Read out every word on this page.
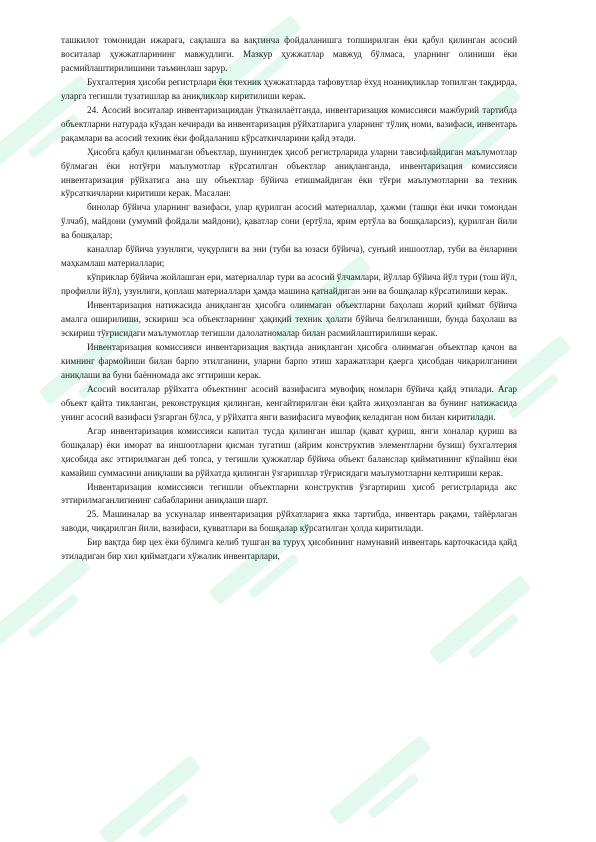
ташкилот томонидан ижарага, сақлашга ва вақтинча фойдаланишга топширилган ёки қабул қилинган асосий воситалар ҳужжатларининг мавжудлиги. Мазкур ҳужжатлар мавжуд бўлмаса, уларнинг олиниши ёки расмийлаштирилишини таъминлаш зарур.

Бухгалтерия ҳисоби регистрлари ёки техник ҳужжатларда тафовутлар ёхуд ноаниқликлар топилган тақдирда, уларга тегишли тузатишлар ва аниқликлар киритилиши керак.

24. Асосий воситалар инвентаризациядан ўтказилаётганда, инвентаризация комиссияси мажбурий тартибда объектларни натурада кўздан кечиради ва инвентаризация рўйхатларига уларнинг тўлиқ номи, вазифаси, инвентарь рақамлари ва асосий техник ёки фойдаланиш кўрсаткичларини қайд этади.

Ҳисобга қабул қилинмаган объектлар, шунингдек ҳисоб регистрларида уларни тавсифлайдиган маълумотлар бўлмаган ёки нотўғри маълумотлар кўрсатилган объектлар аниқланганда, инвентаризация комиссияси инвентаризация рўйхатига ана шу объектлар бўйича етишмайдиган ёки тўғри маълумотларни ва техник кўрсаткичларни киритиши керак. Масалан:

бинолар бўйича уларнинг вазифаси, улар қурилган асосий материаллар, ҳажми (ташқи ёки ички томондан ўлчаб), майдони (умумий фойдали майдони), қаватлар сони (ертўла, ярим ертўла ва бошқаларсиз), қурилган йили ва бошқалар;

каналлар бўйича узунлиги, чуқурлиги ва эни (туби ва юзаси бўйича), сунъий иншоотлар, туби ва ёнларини маҳкамлаш материаллари;

кўприклар бўйича жойлашган ери, материаллар тури ва асосий ўлчамлари, йўллар бўйича йўл тури (тош йўл, профилли йўл), узунлиги, қоплаш материаллари ҳамда машина қатнайдиган эни ва бошқалар кўрсатилиши керак.

Инвентаризация натижасида аниқланган ҳисобга олинмаган объектларни баҳолаш жорий қиймат бўйича амалга оширилиши, эскириш эса объектларнинг ҳақиқий техник ҳолати бўйича белгиланиши, бунда баҳолаш ва эскириш тўғрисидаги маълумотлар тегишли далолатномалар билан расмийлаштирилиши керак.

Инвентаризация комиссияси инвентаризация вақтида аниқланган ҳисобга олинмаган объектлар қачон ва кимнинг фармойиши билан барпо этилганини, уларни барпо этиш харажатлари қаерга ҳисобдан чиқарилганини аниқлаши ва буни баённомада акс эттириши керак.

Асосий воситалар рўйхатга объектнинг асосий вазифасига мувофиқ номларн бўйича қайд этилади. Агар объект қайта тикланган, реконструкция қилинган, кенгайтирилган ёки қайта жиҳозланган ва бунинг натижасида унинг асосий вазифаси ўзгарган бўлса, у рўйхатга янги вазифасига мувофиқ келадиган ном билан киритилади.

Агар инвентаризация комиссияси капитал тусда қилинган ишлар (қават қуриш, янги хоналар қуриш ва бошқалар) ёки иморат ва иншоотларни қисман тугатиш (айрим конструктив элементларни бузиш) бухгалтерия ҳисобида акс эттирилмаган деб топса, у тегишли ҳужжатлар бўйича объект баланслар қийматининг кўпайиш ёки камайиш суммасини аниқлаши ва рўйхатда қилинган ўзгаришлар тўғрисидаги маълумотларни келтириши керак.

Инвентаризация комиссияси тегишли объектларни конструктив ўзгартириш ҳисоб регистрларида акс эттирилмаганлигининг сабабларини аниқлаши шарт.

25. Машиналар ва ускуналар инвентаризация рўйхатларига якка тартибда, инвентарь рақами, тайёрлаган заводи, чиқарилган йили, вазифаси, қувватлари ва бошқалар кўрсатилган ҳолда киритилади.

Бир вақтда бир цех ёки бўлимга келиб тушган ва туруҳ ҳисобининг намунавий инвентарь карточкасида қайд этиладиган бир хил қийматдаги хўжалик инвентарлари,
